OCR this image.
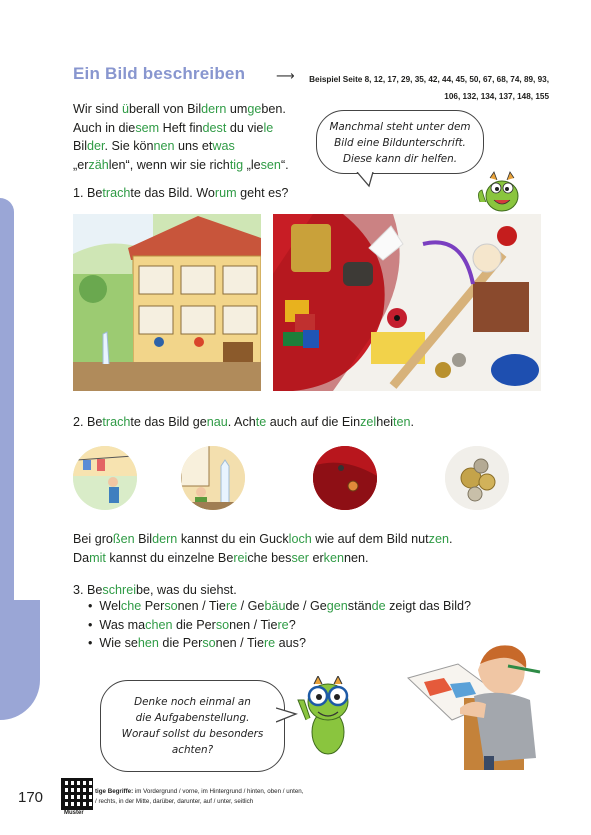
Ein Bild beschreiben ⟶	Beispiel Seite 8, 12, 17, 29, 35, 42, 44, 45, 50, 67, 68, 74, 89, 93, 106, 132, 134, 137, 148, 155
Wir sind überall von Bildern umgeben.
Auch in diesem Heft findest du viele
Bilder. Sie können uns etwas
„erzählen“, wenn wir sie richtig „lesen“.
Manchmal steht unter dem
Bild eine Bildunterschrift.
Diese kann dir helfen.
1. Betrachte das Bild. Worum geht es?
2. Betrachte das Bild genau. Achte auch auf die Einzelheiten.
Bei großen Bildern kannst du ein Guckloch wie auf dem Bild nutzen.
Damit kannst du einzelne Bereiche besser erkennen.
3. Beschreibe, was du siehst.
• Welche Personen / Tiere / Gebäude / Gegenstände zeigt das Bild?
• Was machen die Personen / Tiere?
• Wie sehen die Personen / Tiere aus?
Denke noch einmal an
die Aufgabenstellung.
Worauf sollst du besonders
achten?
170
Muster
tige Begriffe: im Vordergrund / vorne, im Hintergrund / hinten, oben / unten,
/ rechts, in der Mitte, darüber, darunter, auf / unter, seitlich
